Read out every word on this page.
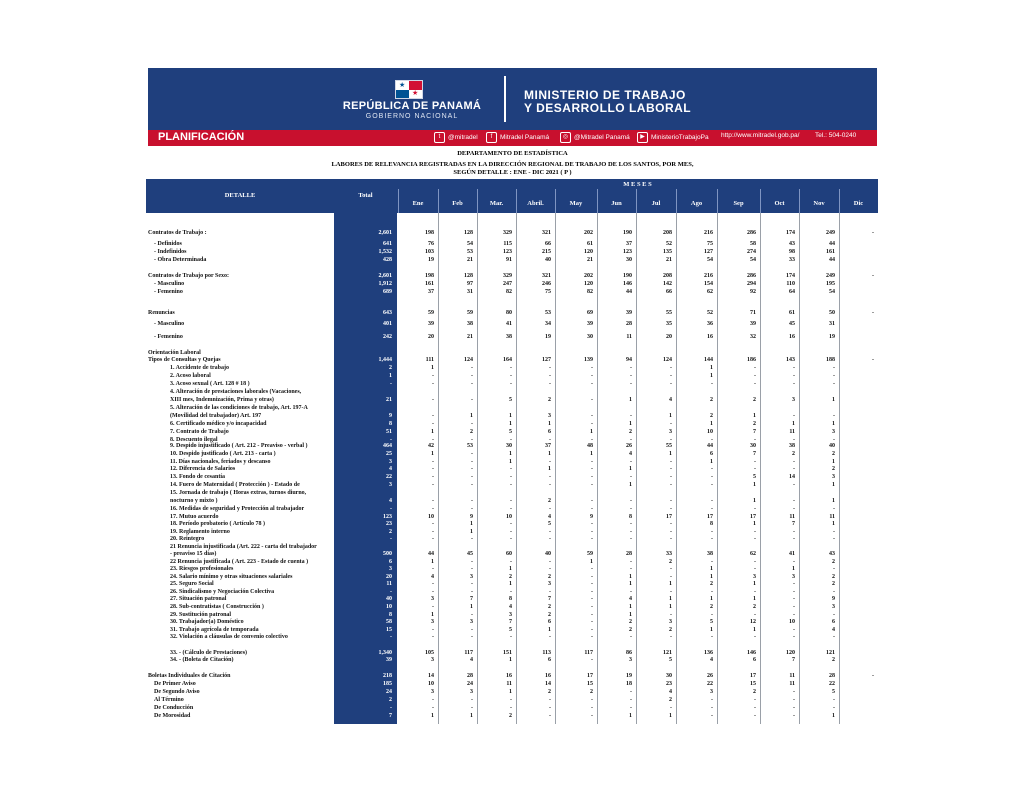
★
★
REPÚBLICA DE PANAMÁ
GOBIERNO NACIONAL
MINISTERIO DE TRABAJO
Y DESARROLLO LABORAL
PLANIFICACIÓN	t @mitradel	f Mitradel Panamá	◎ @Mitradel Panamá	▶ MinisterioTrabajoPa http://www.mitradel.gob.pa/ Tel.: 504-0240
DEPARTAMENTO DE ESTADÍSTICA
LABORES DE RELEVANCIA REGISTRADAS EN LA DIRECCIÓN REGIONAL DE TRABAJO DE LOS SANTOS, POR MES,
SEGÚN DETALLE : ENE - DIC 2021 ( P )
DETALLE	Total
M E S E S
Ene	Feb	Mar.	Abril.	May	Jun	Jul	Ago	Sep	Oct	Nov	Dic
Contratos de Trabajo :	2,601	198	128	329	321	202	190	208	216	286	174	249	-
- Definidos	641	76	54	115	66	61	37	52	75	58	43	44
- Indefinidos	1,532	103	53	123	215	120	123	135	127	274	98	161
- Obra Determinada	428	19	21	91	40	21	30	21	54	54	33	44
Contratos de Trabajo por Sexo:	2,601	198	128	329	321	202	190	208	216	286	174	249	-
- Masculino	1,912	161	97	247	246	120	146	142	154	294	110	195
- Femenino	689	37	31	82	75	82	44	66	62	92	64	54
Renuncias	643	59	59	80	53	69	39	55	52	71	61	50	-
- Masculino	401	39	38	41	34	39	28	35	36	39	45	31
- Femenino	242	20	21	38	19	30	11	20	16	32	16	19
Orientación Laboral
Tipos de Consultas y Quejas	1,444	111	124	164	127	139	94	124	144	186	143	188	-
1. Accidente de trabajo	2	1	-	-	-	-	-	-	1	-	-	-
2. Acoso laboral	1	-	-	-	-	-	-	-	1	-	-	-
3. Acoso sexual ( Art. 128 # 18 )	-	-	-	-	-	-	-	-	-	-	-	-
4. Alteración de prestaciones laborales (Vacaciones,
XIII mes, Indemnización, Prima y otras)	21	-	-	5	2	-	1	4	2	2	3	1
5. Alteración de las condiciones de trabajo, Art. 197-A
(Movilidad del trabajador) Art. 197	9	-	1	1	3	-	-	1	2	1	-	-
6. Certificado médico y/o incapacidad	8	-	-	1	1	-	1	-	1	2	1	1
7. Contrato de Trabajo	51	1	2	5	6	1	2	3	10	7	11	3
8. Descuento ilegal	-	-	-	-	-	-	-	-	-	-	-	-
9. Despido injustificado ( Art. 212 - Preaviso - verbal )	464	42	53	30	37	48	26	55	44	30	38	40
10. Despido justificado ( Art. 213 - carta )	25	1	-	1	1	1	4	1	6	7	2	2
11. Días nacionales, feriados y descanso	3	-	-	1	-	-	-	-	1	-	-	1
12. Diferencia de Salarios	4	-	-	-	1	-	1	-	-	-	-	2
13. Fondo de cesantía	22	-	-	-	-	-	-	-	-	5	14	3
14. Fuero de Maternidad ( Protección ) - Estado de	3	-	-	-	-	-	1	-	-	1	-	1
15. Jornada de trabajo ( Horas extras, turnos diurno,
nocturno y mixto )	4	-	-	-	2	-	-	-	-	1	-	1
16. Medidas de seguridad y Protección al trabajador	-	-	-	-	-	-	-	-	-	-	-	-
17. Mutuo acuerdo	123	10	9	10	4	9	8	17	17	17	11	11
18. Período probatorio ( Artículo 78 )	23	-	1	-	5	-	-	-	8	1	7	1
19. Reglamento interno	2	-	1	-	-	-	-	-	-	-	-	-
20. Reintegro	-	-	-	-	-	-	-	-	-	-	-	-
21 Renuncia injustificada (Art. 222 - carta del trabajador
- preaviso 15 días)	500	44	45	60	40	59	28	33	38	62	41	43
22 Renuncia justificada ( Art. 223 - Estado de cuenta )	6	1	-	-	-	1	-	2	-	-	-	2
23. Riesgos profesionales	3	-	-	1	-	-	-	-	1	-	1	-
24. Salario mínimo y otras situaciones salariales	20	4	3	2	2	-	1	-	1	3	3	2
25. Seguro Social	11	-	-	1	3	-	1	1	2	1	-	2
26. Sindicalismo y Negociación Colectiva	-	-	-	-	-	-	-	-	-	-	-	-
27. Situación patronal	40	3	7	8	7	-	4	1	1	1	-	9
28. Sub-contratistas ( Construcción )	10	-	1	4	2	-	1	1	2	2	-	3
29. Sustitución patronal	8	1	-	3	2	-	1	-	-	-	-	-
30. Trabajador(a) Doméstico	58	3	3	7	6	-	2	3	5	12	10	6
31. Trabajo agrícola de temporada	15	-	-	5	1	-	2	2	1	1	-	4
32. Violación a cláusulas de convenio colectivo	-	-	-	-	-	-	-	-	-	-	-	-
33. - (Cálculo de Prestaciones)	1,340	105	117	151	113	117	86	121	136	146	120	121
34. - (Boleta de Citación)	39	3	4	1	6	-	3	5	4	6	7	2
Boletas Individuales de Citación	218	14	28	16	16	17	19	30	26	17	11	28	-
De Primer Aviso	185	10	24	11	14	15	18	23	22	15	11	22
De Segundo Aviso	24	3	3	1	2	2	-	4	3	2	-	5
Al Término	2	-	-	-	-	-	-	2	-	-	-	-
De Conducción	-	-	-	-	-	-	-	-	-	-	-	-
De Morosidad	7	1	1	2	-	-	1	1	-	-	-	1
